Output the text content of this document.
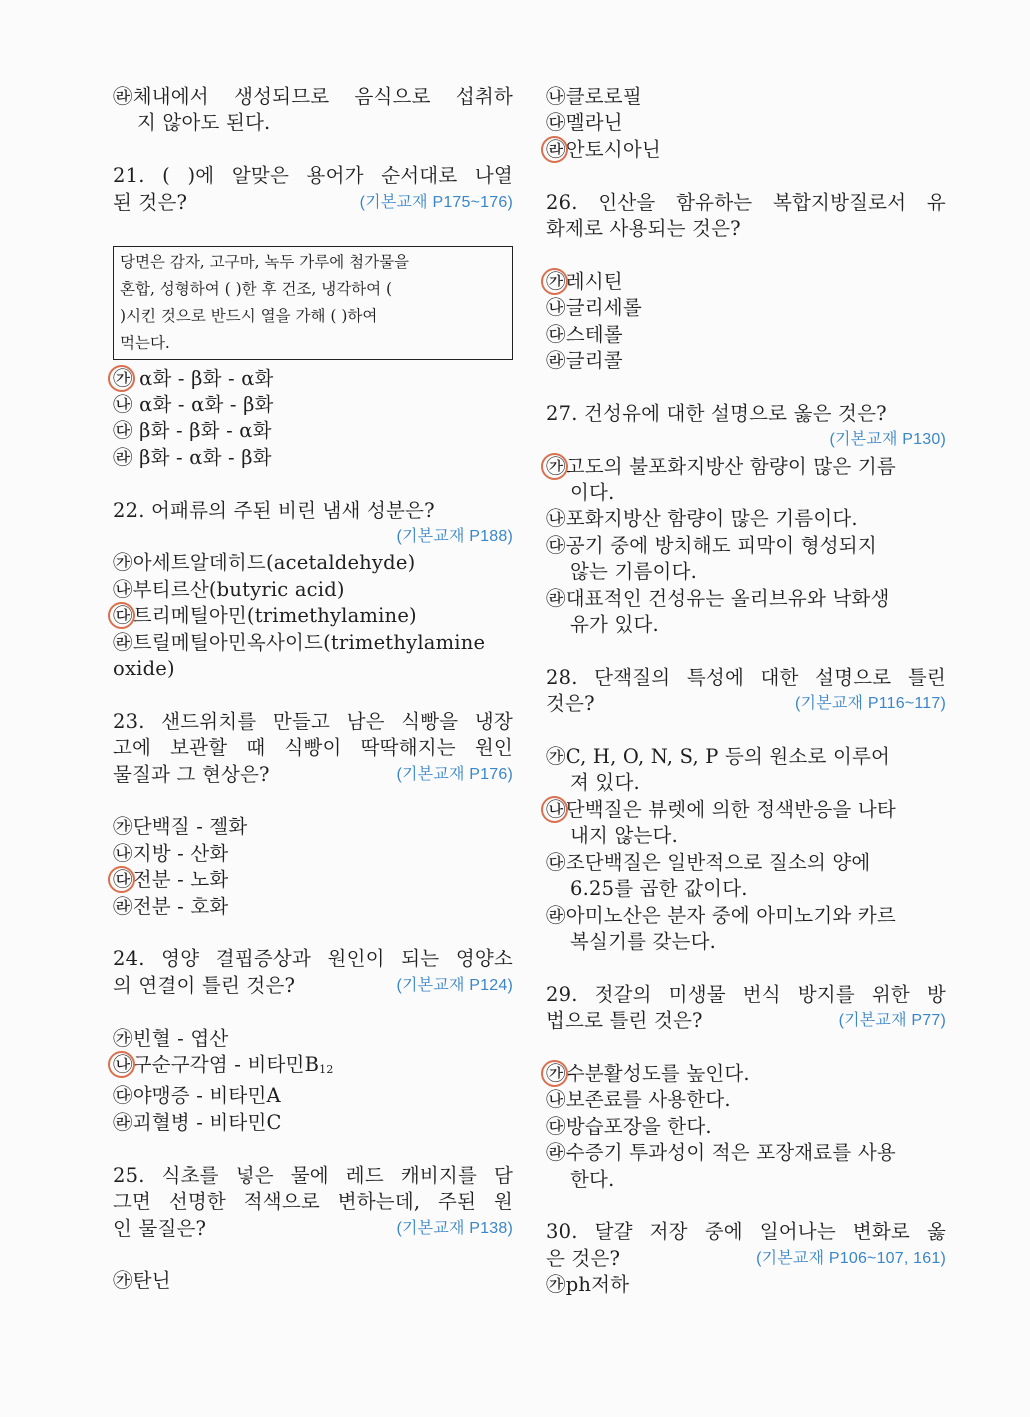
㉱체내에서 생성되므로 음식으로 섭취하
지 않아도 된다.
21. ( )에 알맞은 용어가 순서대로 나열
된 것은?	(기본교재 P175~176)
당면은 감자, 고구마, 녹두 가루에 첨가물을
혼합, 성형하여 ( )한 후 건조, 냉각하여 (
)시킨 것으로 반드시 열을 가해 ( )하여
먹는다.
㉮
α화 - β화 - α화
㉯ α화 - α화 - β화
㉰ β화 - β화 - α화
㉱ β화 - α화 - β화
22. 어패류의 주된 비린 냄새 성분은?
(기본교재 P188)
㉮아세트알데히드(acetaldehyde)
㉯부티르산(butyric acid)
㉰
트리메틸아민(trimethylamine)
㉱트릴메틸아민옥사이드(trimethylamine
oxide)
23. 샌드위치를 만들고 남은 식빵을 냉장
고에 보관할 때 식빵이 딱딱해지는 원인
물질과 그 현상은?	(기본교재 P176)
㉮단백질 - 젤화
㉯지방 - 산화
㉰
전분 - 노화
㉱전분 - 호화
24. 영양 결핍증상과 원인이 되는 영양소
의 연결이 틀린 것은?	(기본교재 P124)
㉮빈혈 - 엽산
㉯
구순구각염 - 비타민$B_{12}$
㉰야맹증 - 비타민A
㉱괴혈병 - 비타민C
25. 식초를 넣은 물에 레드 캐비지를 담
그면 선명한 적색으로 변하는데, 주된 원
인 물질은?	(기본교재 P138)
㉮탄닌
㉯클로로필
㉰멜라닌
㉱
안토시아닌
26. 인산을 함유하는 복합지방질로서 유
화제로 사용되는 것은?
㉮
레시틴
㉯글리세롤
㉰스테롤
㉱글리콜
27. 건성유에 대한 설명으로 옳은 것은?
(기본교재 P130)
㉮
고도의 불포화지방산 함량이 많은 기름
이다.
㉯포화지방산 함량이 많은 기름이다.
㉰공기 중에 방치해도 피막이 형성되지
않는 기름이다.
㉱대표적인 건성유는 올리브유와 낙화생
유가 있다.
28. 단잭질의 특성에 대한 설명으로 틀린
것은?	(기본교재 P116~117)
㉮C, H, O, N, S, P 등의 원소로 이루어
져 있다.
㉯
단백질은 뷰렛에 의한 정색반응을 나타
내지 않는다.
㉰조단백질은 일반적으로 질소의 양에
6.25를 곱한 값이다.
㉱아미노산은 분자 중에 아미노기와 카르
복실기를 갖는다.
29. 젓갈의 미생물 번식 방지를 위한 방
법으로 틀린 것은?	(기본교재 P77)
㉮
수분활성도를 높인다.
㉯보존료를 사용한다.
㉰방습포장을 한다.
㉱수증기 투과성이 적은 포장재료를 사용
한다.
30. 달걀 저장 중에 일어나는 변화로 옳
은 것은?	(기본교재 P106~107, 161)
㉮ph저하
